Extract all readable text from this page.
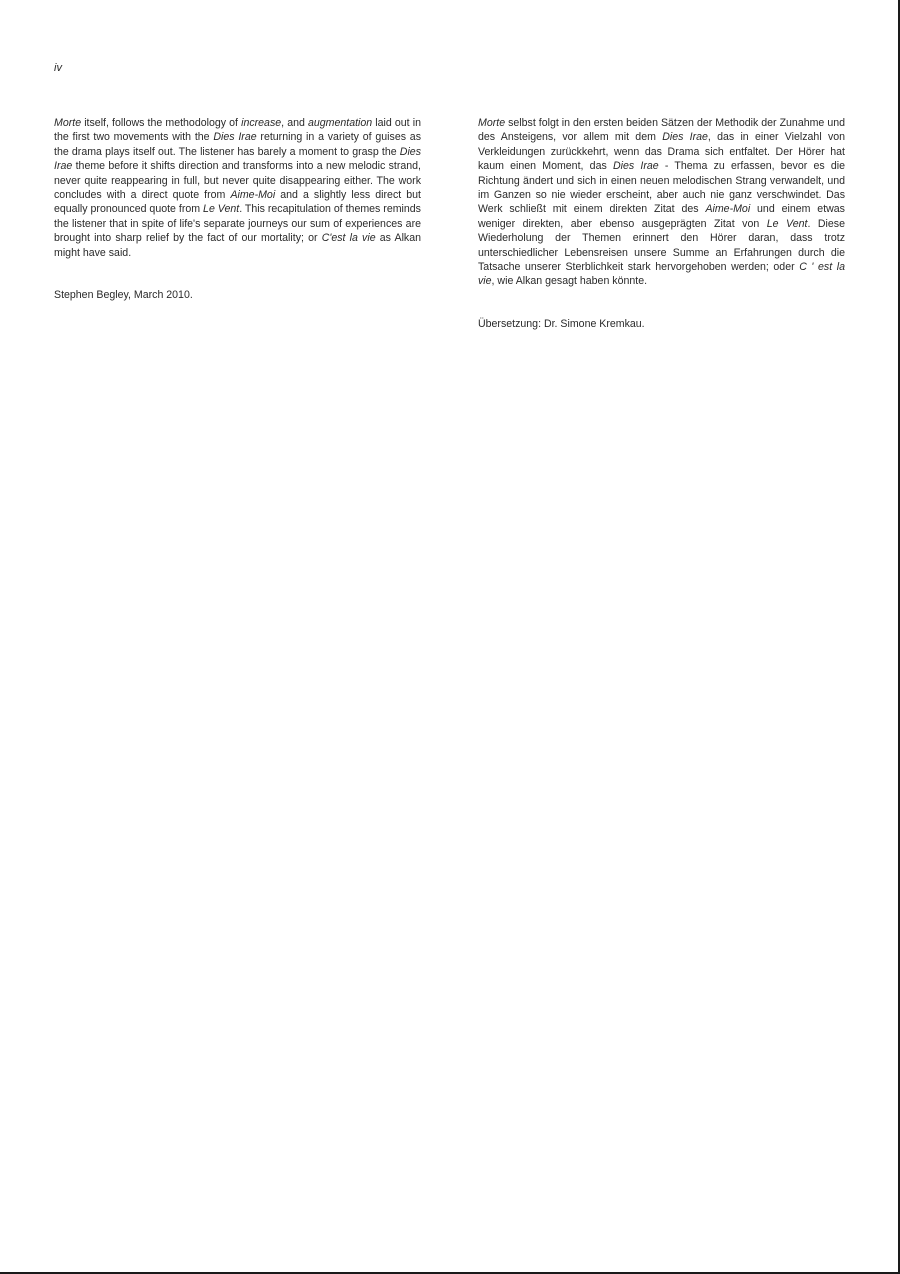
iv

Morte itself, follows the methodology of increase, and augmentation laid out in the first two movements with the Dies Irae returning in a variety of guises as the drama plays itself out. The listener has barely a moment to grasp the Dies Irae theme before it shifts direction and transforms into a new melodic strand, never quite reappearing in full, but never quite disappearing either. The work concludes with a direct quote from Aime-Moi and a slightly less direct but equally pronounced quote from Le Vent. This recapitulation of themes reminds the listener that in spite of life's separate journeys our sum of experiences are brought into sharp relief by the fact of our mortality; or C'est la vie as Alkan might have said.

Stephen Begley, March 2010.

Morte selbst folgt in den ersten beiden Sätzen der Methodik der Zunahme und des Ansteigens, vor allem mit dem Dies Irae, das in einer Vielzahl von Verkleidungen zurückkehrt, wenn das Drama sich entfaltet. Der Hörer hat kaum einen Moment, das Dies Irae - Thema zu erfassen, bevor es die Richtung ändert und sich in einen neuen melodischen Strang verwandelt, und im Ganzen so nie wieder erscheint, aber auch nie ganz verschwindet. Das Werk schließt mit einem direkten Zitat des Aime-Moi und einem etwas weniger direkten, aber ebenso ausgeprägten Zitat von Le Vent. Diese Wiederholung der Themen erinnert den Hörer daran, dass trotz unterschiedlicher Lebensreisen unsere Summe an Erfahrungen durch die Tatsache unserer Sterblichkeit stark hervorgehoben werden; oder C ' est la vie, wie Alkan gesagt haben könnte.

Übersetzung: Dr. Simone Kremkau.
